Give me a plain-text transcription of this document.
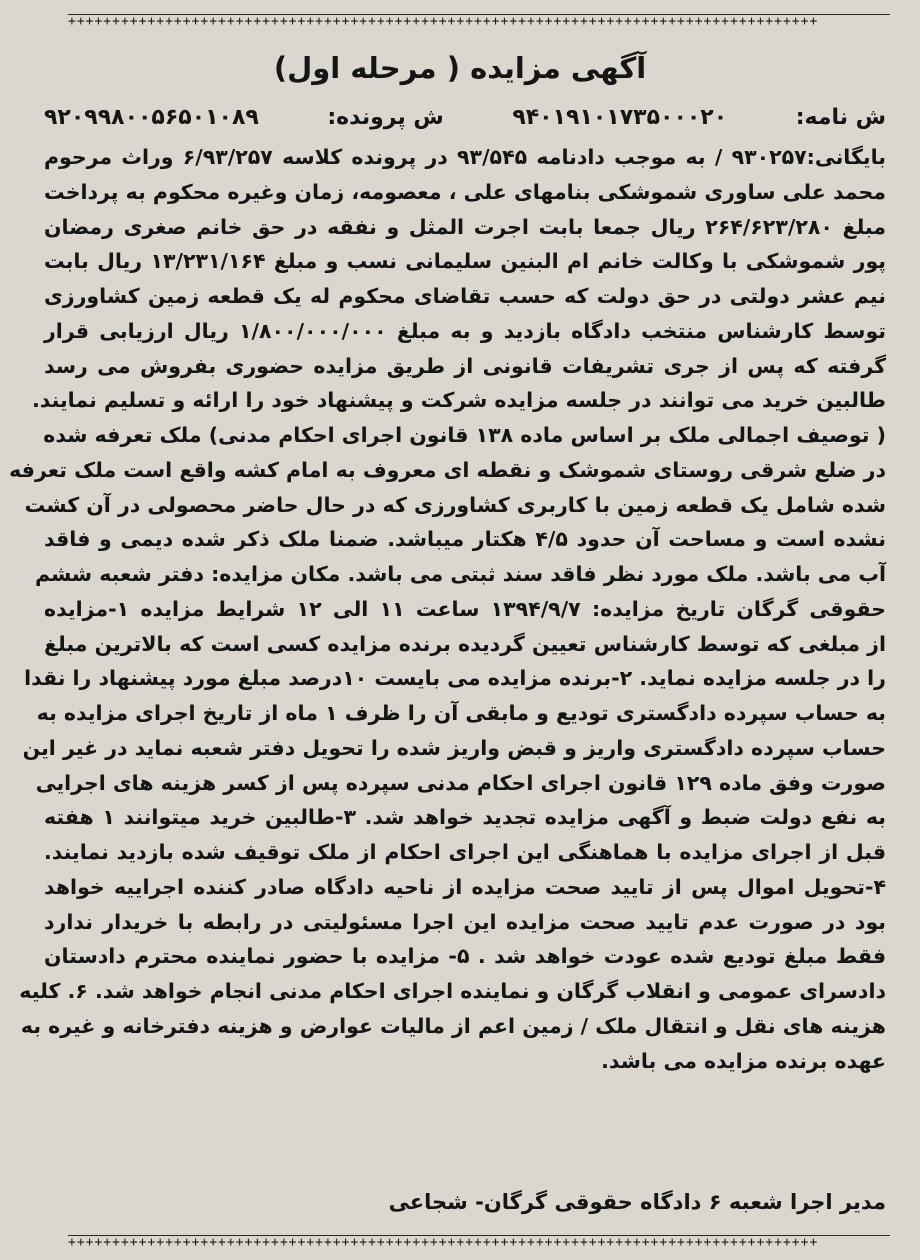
+++++++++++++++++++++++++++++++++++++++++++++++++++++++++++++++++++++++++++++++++++++
آگهی مزایده ( مرحله اول)
ش نامه:
۹۴۰۱۹۱۰۱۷۳۵۰۰۰۲۰
ش پرونده:
۹۲۰۹۹۸۰۰۵۶۵۰۱۰۸۹
بایگانی:۹۳۰۲۵۷ / به موجب دادنامه ۹۳/۵۴۵ در پرونده کلاسه ۶/۹۳/۲۵۷ وراث مرحوم
محمد علی ساوری شموشکی بنامهای علی ، معصومه، زمان وغیره محکوم به پرداخت
مبلغ ۲۶۴/۶۲۳/۲۸۰ ریال جمعا بابت اجرت المثل و نفقه در حق خانم صغری رمضان
پور شموشکی با وکالت خانم ام البنین سلیمانی نسب و مبلغ ۱۳/۲۳۱/۱۶۴ ریال بابت
نیم عشر دولتی در حق دولت که حسب تقاضای محکوم له یک قطعه زمین کشاورزی
توسط کارشناس منتخب دادگاه بازدید و به مبلغ ۱/۸۰۰/۰۰۰/۰۰۰ ریال ارزیابی قرار
گرفته که پس از جری تشریفات قانونی از طریق مزایده حضوری بفروش می رسد
طالبین خرید می توانند در جلسه مزایده شرکت و پیشنهاد خود را ارائه و تسلیم نمایند.
( توصیف اجمالی ملک بر اساس ماده ۱۳۸ قانون اجرای احکام مدنی) ملک تعرفه شده
در ضلع شرقی روستای شموشک و نقطه ای معروف به امام کشه واقع است ملک تعرفه
شده شامل یک قطعه زمین با کاربری کشاورزی که در حال حاضر محصولی در آن کشت
نشده است و مساحت آن حدود ۴/۵ هکتار میباشد. ضمنا ملک ذکر شده دیمی و فاقد
آب می باشد. ملک مورد نظر فاقد سند ثبتی می باشد. مکان مزایده: دفتر شعبه ششم
حقوقی گرگان تاریخ مزایده: ۱۳۹۴/۹/۷ ساعت ۱۱ الی ۱۲ شرایط مزایده ۱-مزایده
از مبلغی که توسط کارشناس تعیین گردیده برنده مزایده کسی است که بالاترین مبلغ
را در جلسه مزایده نماید. ۲-برنده مزایده می بایست ۱۰درصد مبلغ مورد پیشنهاد را نقدا
به حساب سپرده دادگستری تودیع و مابقی آن را ظرف ۱ ماه از تاریخ اجرای مزایده به
حساب سپرده دادگستری واریز و قبض واریز شده را تحویل دفتر شعبه نماید در غیر این
صورت وفق ماده ۱۲۹ قانون اجرای احکام مدنی سپرده پس از کسر هزینه های اجرایی
به نفع دولت ضبط و آگهی مزایده تجدید خواهد شد. ۳-طالبین خرید میتوانند ۱ هفته
قبل از اجرای مزایده با هماهنگی این اجرای احکام از ملک توقیف شده بازدید نمایند.
۴-تحویل اموال پس از تایید صحت مزایده از ناحیه دادگاه صادر کننده اجراییه خواهد
بود در صورت عدم تایید صحت مزایده این اجرا مسئولیتی در رابطه با خریدار ندارد
فقط مبلغ تودیع شده عودت خواهد شد . ۵- مزایده با حضور نماینده محترم دادستان
دادسرای عمومی و انقلاب گرگان و نماینده اجرای احکام مدنی انجام خواهد شد. ۶. کلیه
هزینه های نقل و انتقال ملک / زمین اعم از مالیات عوارض و هزینه دفترخانه و غیره به
عهده برنده مزایده می باشد.
مدیر اجرا شعبه ۶ دادگاه حقوقی گرگان- شجاعی
+++++++++++++++++++++++++++++++++++++++++++++++++++++++++++++++++++++++++++++++++++++
